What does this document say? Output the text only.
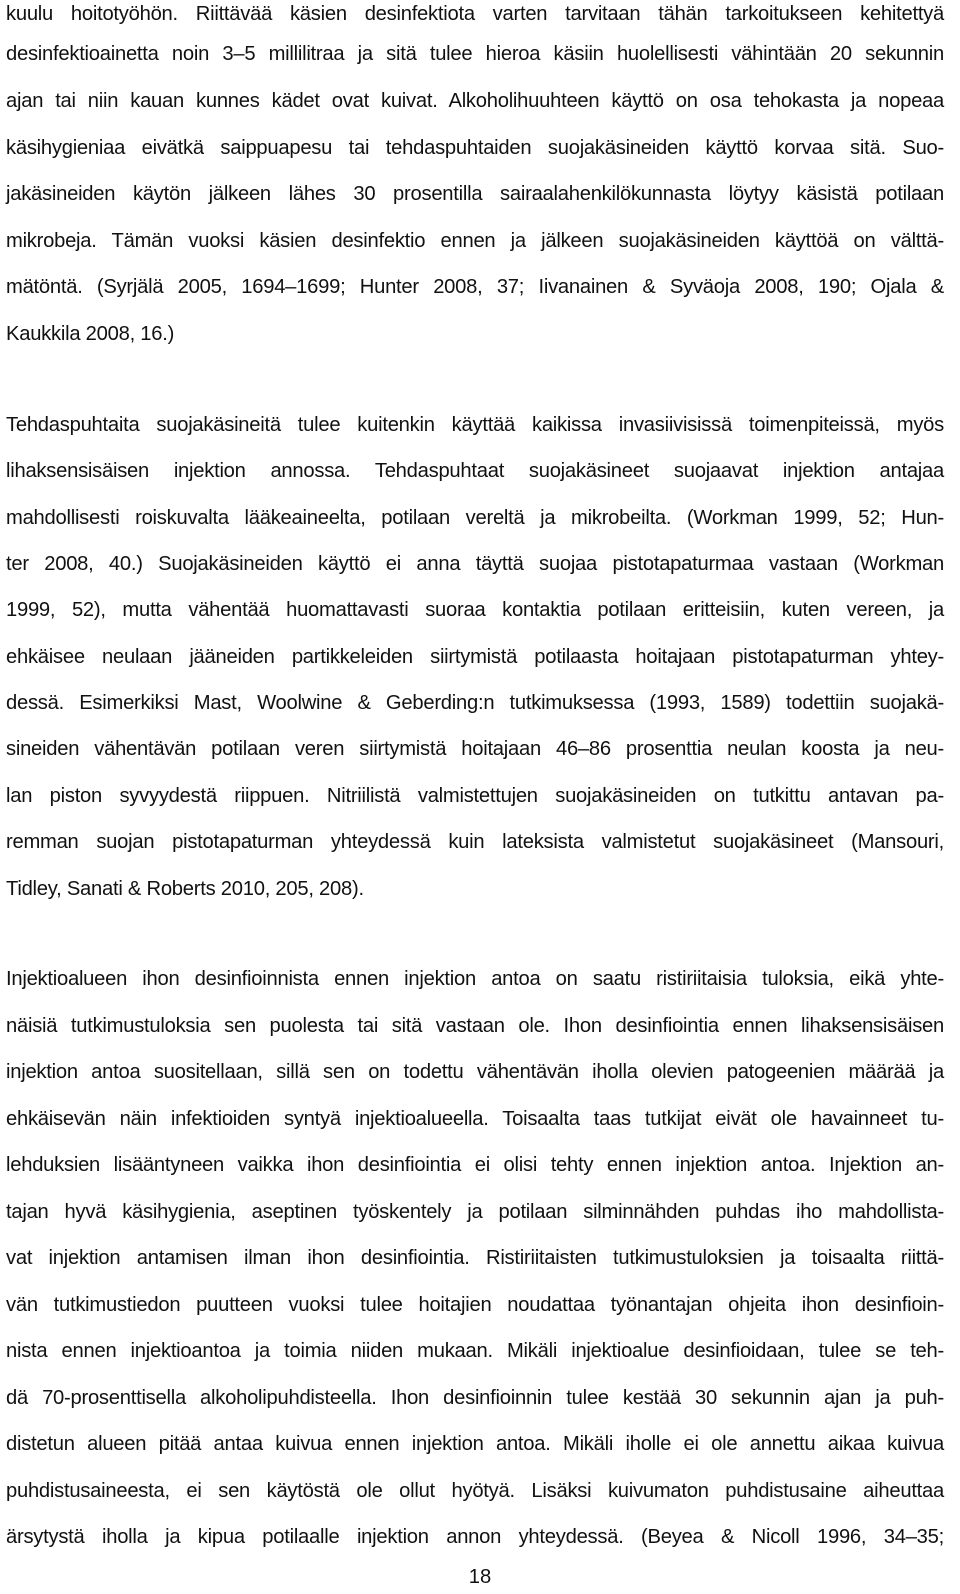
kuulu hoitotyöhön. Riittävää käsien desinfektiota varten tarvitaan tähän tarkoitukseen kehitettyä
desinfektioainetta noin 3–5 millilitraa ja sitä tulee hieroa käsiin huolellisesti vähintään 20 sekunnin
ajan tai niin kauan kunnes kädet ovat kuivat. Alkoholihuuhteen käyttö on osa tehokasta ja nopeaa
käsihygieniaa eivätkä saippuapesu tai tehdaspuhtaiden suojakäsineiden käyttö korvaa sitä. Suo-
jakäsineiden käytön jälkeen lähes 30 prosentilla sairaalahenkilökunnasta löytyy käsistä potilaan
mikrobeja. Tämän vuoksi käsien desinfektio ennen ja jälkeen suojakäsineiden käyttöä on välttä-
mätöntä. (Syrjälä 2005, 1694–1699; Hunter 2008, 37; Iivanainen & Syväoja 2008, 190; Ojala &
Kaukkila 2008, 16.)
Tehdaspuhtaita suojakäsineitä tulee kuitenkin käyttää kaikissa invasiivisissä toimenpiteissä, myös
lihaksensisäisen injektion annossa. Tehdaspuhtaat suojakäsineet suojaavat injektion antajaa
mahdollisesti roiskuvalta lääkeaineelta, potilaan vereltä ja mikrobeilta. (Workman 1999, 52; Hun-
ter 2008, 40.) Suojakäsineiden käyttö ei anna täyttä suojaa pistotapaturmaa vastaan (Workman
1999, 52), mutta vähentää huomattavasti suoraa kontaktia potilaan eritteisiin, kuten vereen, ja
ehkäisee neulaan jääneiden partikkeleiden siirtymistä potilaasta hoitajaan pistotapaturman yhtey-
dessä. Esimerkiksi Mast, Woolwine & Geberding:n tutkimuksessa (1993, 1589) todettiin suojakä-
sineiden vähentävän potilaan veren siirtymistä hoitajaan 46–86 prosenttia neulan koosta ja neu-
lan piston syvyydestä riippuen. Nitriilistä valmistettujen suojakäsineiden on tutkittu antavan pa-
remman suojan pistotapaturman yhteydessä kuin lateksista valmistetut suojakäsineet (Mansouri,
Tidley, Sanati & Roberts 2010, 205, 208).
Injektioalueen ihon desinfioinnista ennen injektion antoa on saatu ristiriitaisia tuloksia, eikä yhte-
näisiä tutkimustuloksia sen puolesta tai sitä vastaan ole. Ihon desinfiointia ennen lihaksensisäisen
injektion antoa suositellaan, sillä sen on todettu vähentävän iholla olevien patogeenien määrää ja
ehkäisevän näin infektioiden syntyä injektioalueella. Toisaalta taas tutkijat eivät ole havainneet tu-
lehduksien lisääntyneen vaikka ihon desinfiointia ei olisi tehty ennen injektion antoa. Injektion an-
tajan hyvä käsihygienia, aseptinen työskentely ja potilaan silminnähden puhdas iho mahdollista-
vat injektion antamisen ilman ihon desinfiointia. Ristiriitaisten tutkimustuloksien ja toisaalta riittä-
vän tutkimustiedon puutteen vuoksi tulee hoitajien noudattaa työnantajan ohjeita ihon desinfioin-
nista ennen injektioantoa ja toimia niiden mukaan. Mikäli injektioalue desinfioidaan, tulee se teh-
dä 70-prosenttisella alkoholipuhdisteella. Ihon desinfioinnin tulee kestää 30 sekunnin ajan ja puh-
distetun alueen pitää antaa kuivua ennen injektion antoa. Mikäli iholle ei ole annettu aikaa kuivua
puhdistusaineesta, ei sen käytöstä ole ollut hyötyä. Lisäksi kuivumaton puhdistusaine aiheuttaa
ärsytystä iholla ja kipua potilaalle injektion annon yhteydessä. (Beyea & Nicoll 1996, 34–35;
18
